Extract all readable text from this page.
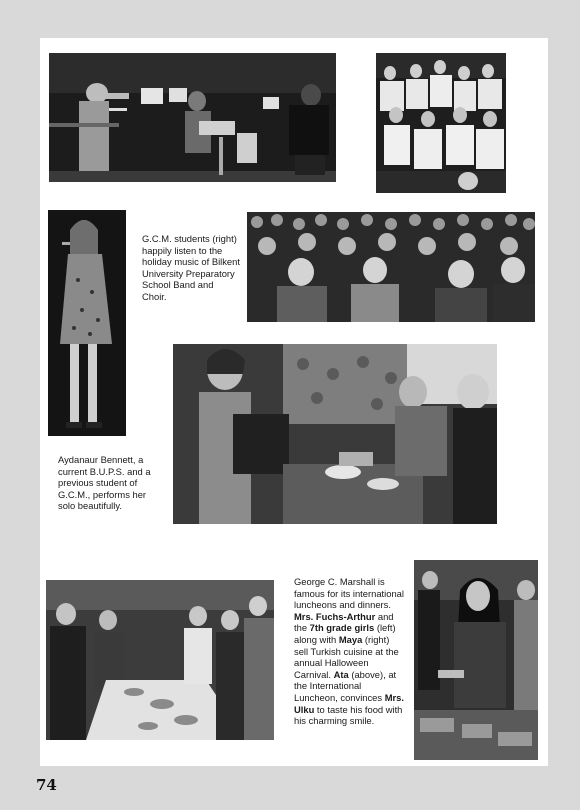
G.C.M. students (right) happily listen to the holiday music of Bilkent University Preparatory School Band and Choir.
Aydanaur Bennett, a current B.U.P.S. and a previous student of G.C.M., performs her solo beautifully.
George C. Marshall is famous for its international luncheons and dinners. Mrs. Fuchs-Arthur and the 7th grade girls (left) along with Maya (right) sell Turkish cuisine at the annual Halloween Carnival. Ata (above), at the International Luncheon, convinces Mrs. Ulku to taste his food with his charming smile.
74
